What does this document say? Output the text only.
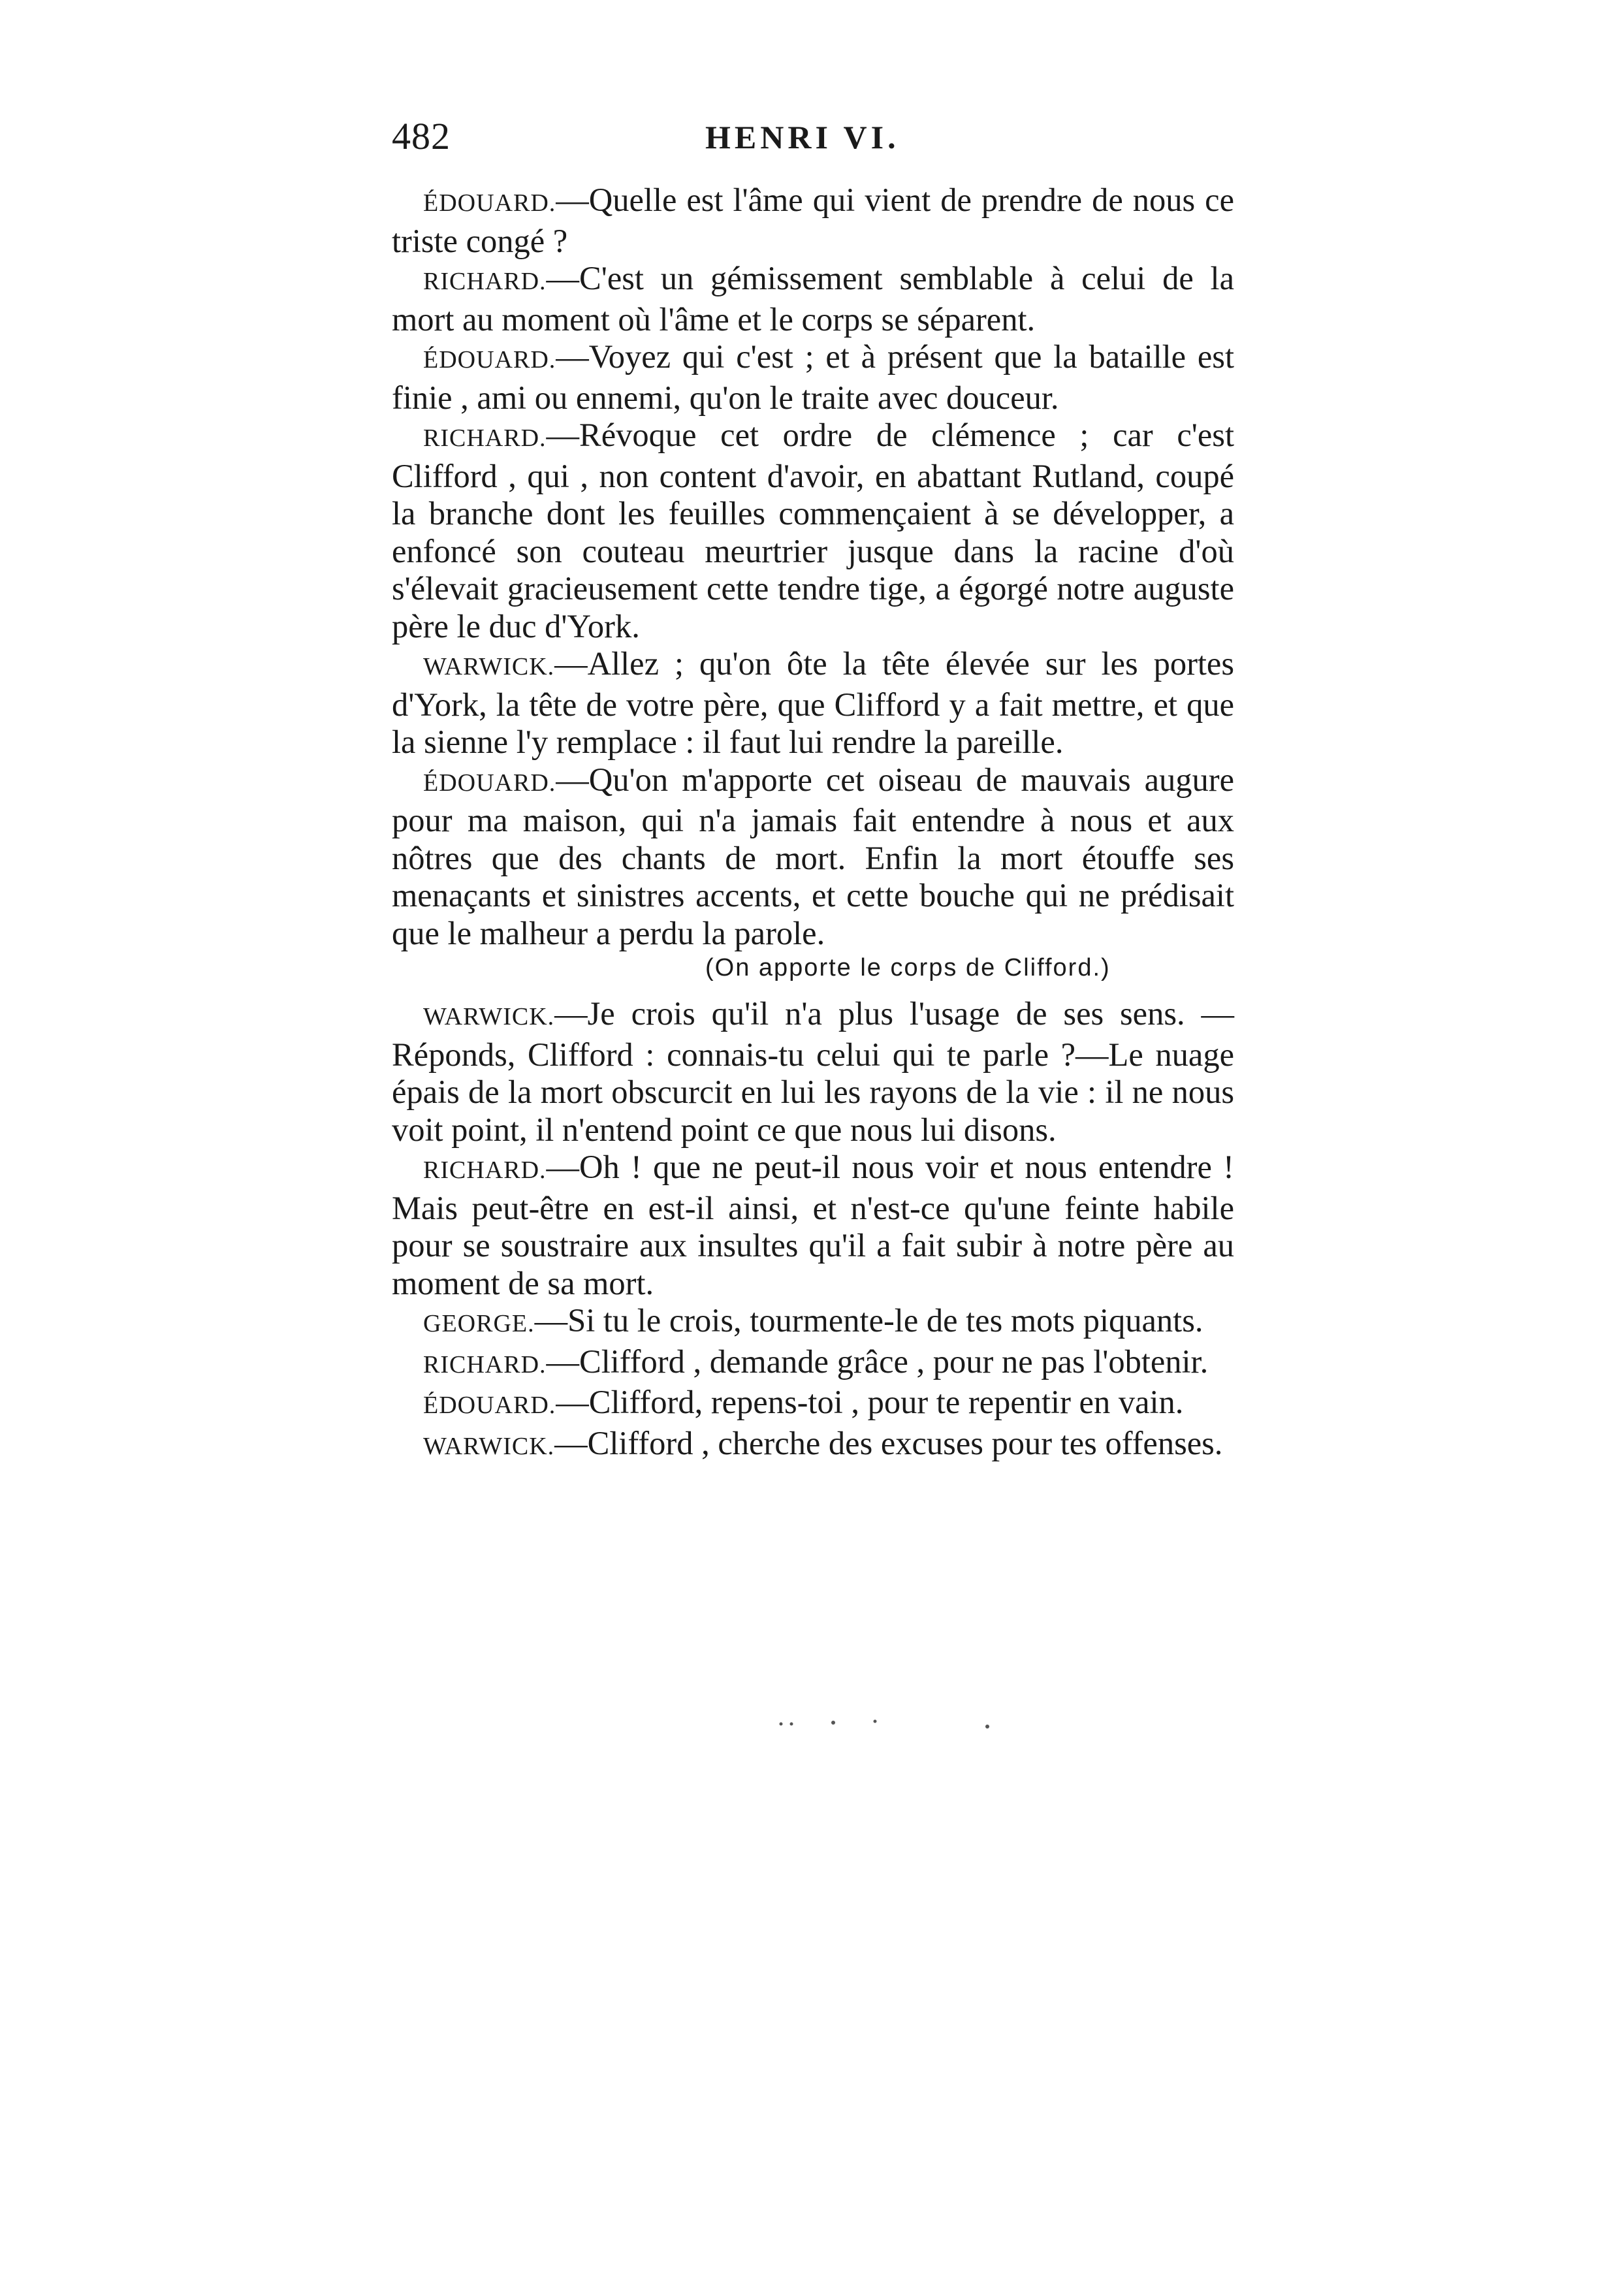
482	HENRI VI.

ÉDOUARD.—Quelle est l'âme qui vient de prendre de nous ce triste congé ?

RICHARD.—C'est un gémissement semblable à celui de la mort au moment où l'âme et le corps se séparent.

ÉDOUARD.—Voyez qui c'est ; et à présent que la bataille est finie , ami ou ennemi, qu'on le traite avec douceur.

RICHARD.—Révoque cet ordre de clémence ; car c'est Clifford , qui , non content d'avoir, en abattant Rutland, coupé la branche dont les feuilles commençaient à se développer, a enfoncé son couteau meurtrier jusque dans la racine d'où s'élevait gracieusement cette tendre tige, a égorgé notre auguste père le duc d'York.

WARWICK.—Allez ; qu'on ôte la tête élevée sur les portes d'York, la tête de votre père, que Clifford y a fait mettre, et que la sienne l'y remplace : il faut lui rendre la pareille.

ÉDOUARD.—Qu'on m'apporte cet oiseau de mauvais augure pour ma maison, qui n'a jamais fait entendre à nous et aux nôtres que des chants de mort. Enfin la mort étouffe ses menaçants et sinistres accents, et cette bouche qui ne prédisait que le malheur a perdu la parole.

(On apporte le corps de Clifford.)

WARWICK.—Je crois qu'il n'a plus l'usage de ses sens. —Réponds, Clifford : connais-tu celui qui te parle ?—Le nuage épais de la mort obscurcit en lui les rayons de la vie : il ne nous voit point, il n'entend point ce que nous lui disons.

RICHARD.—Oh ! que ne peut-il nous voir et nous entendre ! Mais peut-être en est-il ainsi, et n'est-ce qu'une feinte habile pour se soustraire aux insultes qu'il a fait subir à notre père au moment de sa mort.

GEORGE.—Si tu le crois, tourmente-le de tes mots piquants.

RICHARD.—Clifford , demande grâce , pour ne pas l'obtenir.

ÉDOUARD.—Clifford, repens-toi , pour te repentir en vain.

WARWICK.—Clifford , cherche des excuses pour tes offenses.
